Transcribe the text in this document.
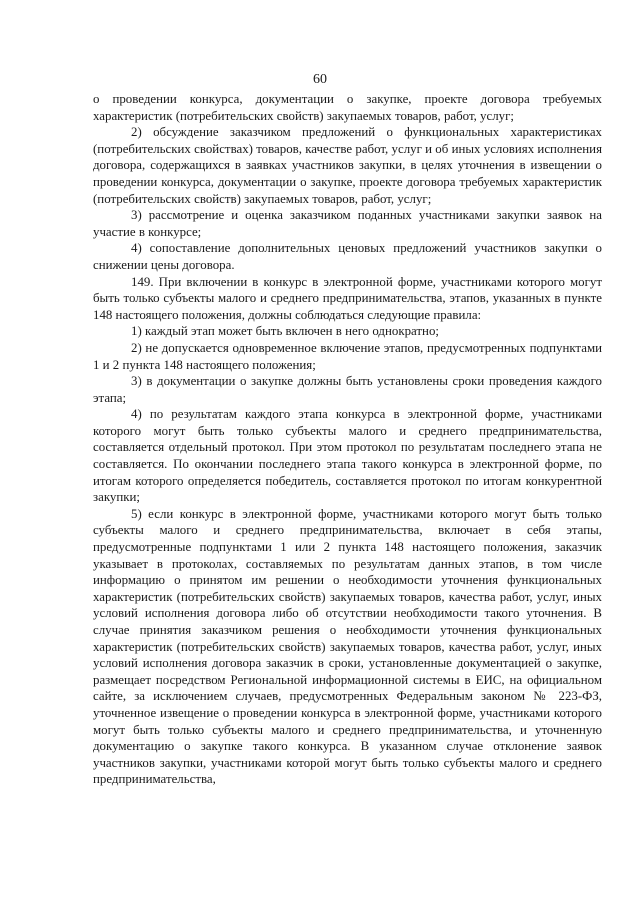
60

о проведении конкурса, документации о закупке, проекте договора требуемых характеристик (потребительских свойств) закупаемых товаров, работ, услуг;

2) обсуждение заказчиком предложений о функциональных характеристиках (потребительских свойствах) товаров, качестве работ, услуг и об иных условиях исполнения договора, содержащихся в заявках участников закупки, в целях уточнения в извещении о проведении конкурса, документации о закупке, проекте договора требуемых характеристик (потребительских свойств) закупаемых товаров, работ, услуг;

3) рассмотрение и оценка заказчиком поданных участниками закупки заявок на участие в конкурсе;

4) сопоставление дополнительных ценовых предложений участников закупки о снижении цены договора.

149. При включении в конкурс в электронной форме, участниками которого могут быть только субъекты малого и среднего предпринимательства, этапов, указанных в пункте 148 настоящего положения, должны соблюдаться следующие правила:

1) каждый этап может быть включен в него однократно;

2) не допускается одновременное включение этапов, предусмотренных подпунктами 1 и 2 пункта 148 настоящего положения;

3) в документации о закупке должны быть установлены сроки проведения каждого этапа;

4) по результатам каждого этапа конкурса в электронной форме, участниками которого могут быть только субъекты малого и среднего предпринимательства, составляется отдельный протокол. При этом протокол по результатам последнего этапа не составляется. По окончании последнего этапа такого конкурса в электронной форме, по итогам которого определяется победитель, составляется протокол по итогам конкурентной закупки;

5) если конкурс в электронной форме, участниками которого могут быть только субъекты малого и среднего предпринимательства, включает в себя этапы, предусмотренные подпунктами 1 или 2 пункта 148 настоящего положения, заказчик указывает в протоколах, составляемых по результатам данных этапов, в том числе информацию о принятом им решении о необходимости уточнения функциональных характеристик (потребительских свойств) закупаемых товаров, качества работ, услуг, иных условий исполнения договора либо об отсутствии необходимости такого уточнения. В случае принятия заказчиком решения о необходимости уточнения функциональных характеристик (потребительских свойств) закупаемых товаров, качества работ, услуг, иных условий исполнения договора заказчик в сроки, установленные документацией о закупке, размещает посредством Региональной информационной системы в ЕИС, на официальном сайте, за исключением случаев, предусмотренных Федеральным законом № 223-ФЗ, уточненное извещение о проведении конкурса в электронной форме, участниками которого могут быть только субъекты малого и среднего предпринимательства, и уточненную документацию о закупке такого конкурса. В указанном случае отклонение заявок участников закупки, участниками которой могут быть только субъекты малого и среднего предпринимательства,
